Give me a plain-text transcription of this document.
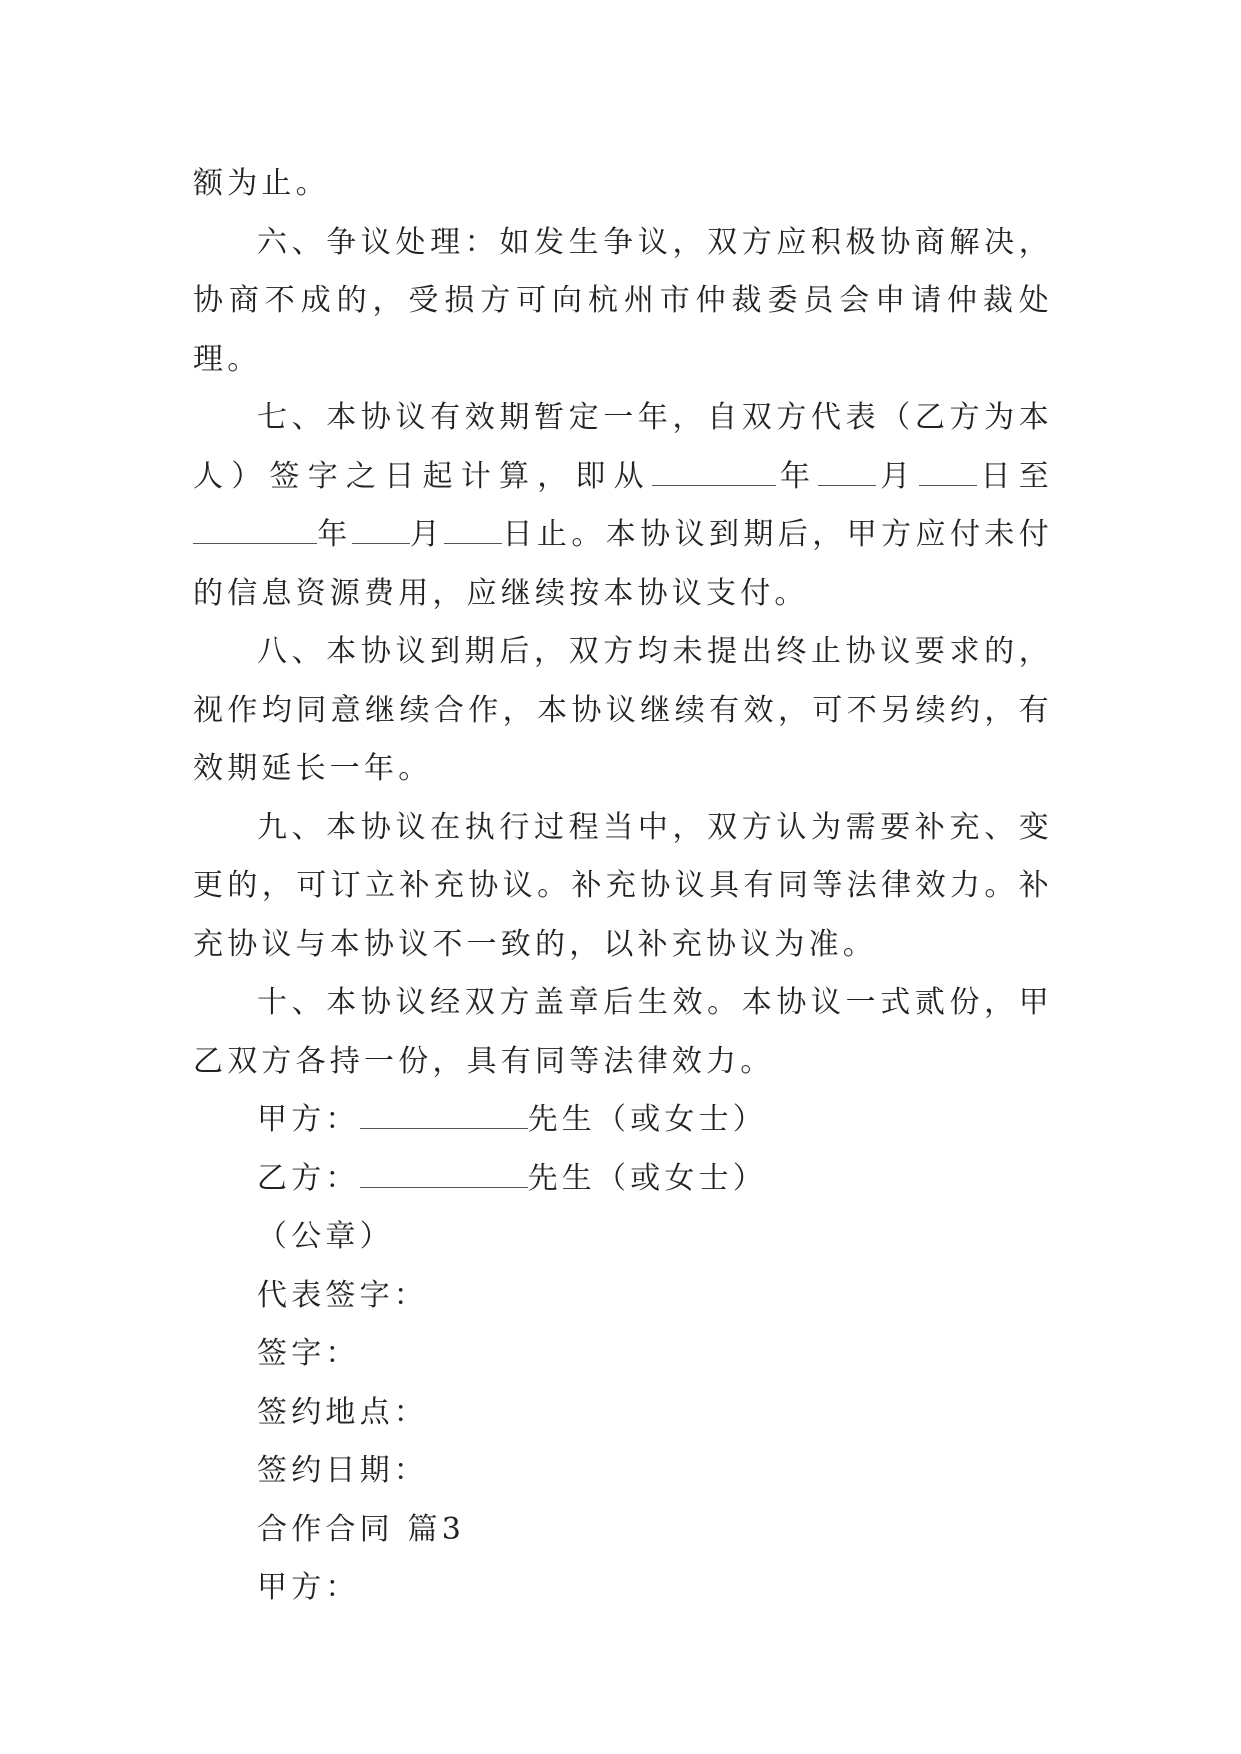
额为止。

六、争议处理：如发生争议，双方应积极协商解决，协商不成的，受损方可向杭州市仲裁委员会申请仲裁处理。

七、本协议有效期暂定一年，自双方代表（乙方为本人）签字之日起计算，即从	年 月 日至年 月 日止。本协议到期后，甲方应付未付的信息资源费用，应继续按本协议支付。

八、本协议到期后，双方均未提出终止协议要求的，视作均同意继续合作，本协议继续有效，可不另续约，有效期延长一年。

九、本协议在执行过程当中，双方认为需要补充、变更的，可订立补充协议。补充协议具有同等法律效力。补充协议与本协议不一致的，以补充协议为准。

十、本协议经双方盖章后生效。本协议一式贰份，甲乙双方各持一份，具有同等法律效力。

甲方：	先生（或女士）

乙方：	先生（或女士）

（公章）

代表签字：

签字：

签约地点：

签约日期：

合作合同 篇3

甲方：
